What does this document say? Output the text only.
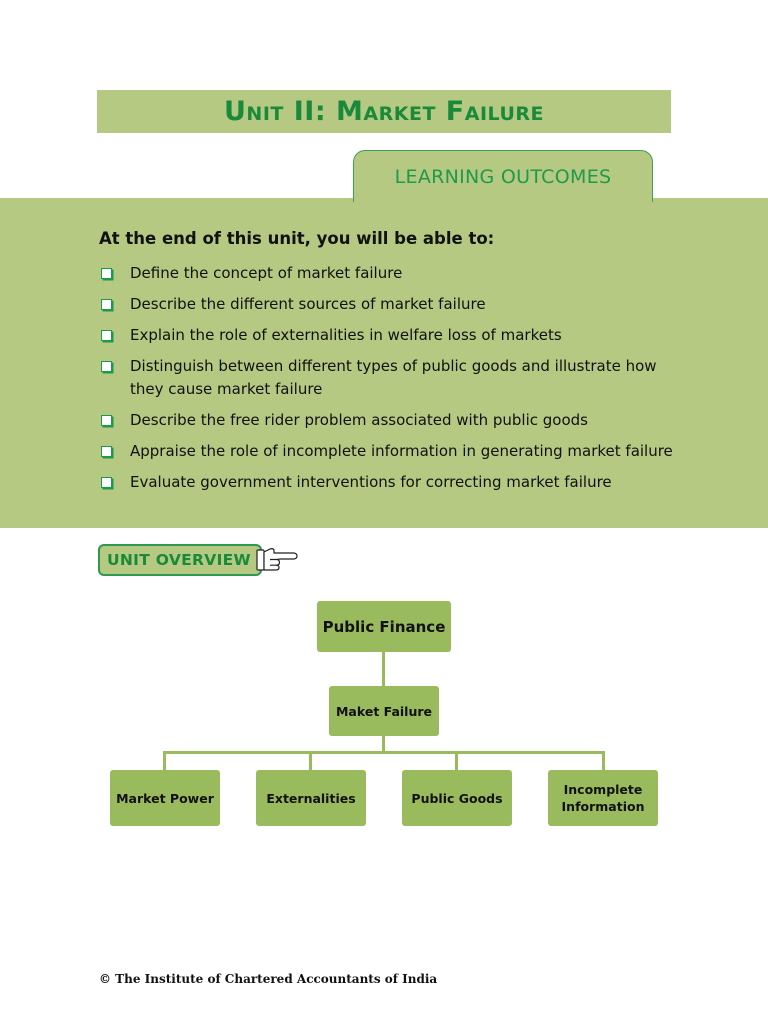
Unit II: Market Failure
LEARNING OUTCOMES
At the end of this unit, you will be able to:
Define the concept of market failure
Describe the different sources of market failure
Explain the role of externalities in welfare loss of markets
Distinguish between different types of public goods and illustrate how they cause market failure
Describe the free rider problem associated with public goods
Appraise the role of incomplete information in generating market failure
Evaluate government interventions for correcting market failure
UNIT OVERVIEW
Public Finance
Maket Failure
Market Power	Externalities	Public Goods
Incomplete Information
© The Institute of Chartered Accountants of India
